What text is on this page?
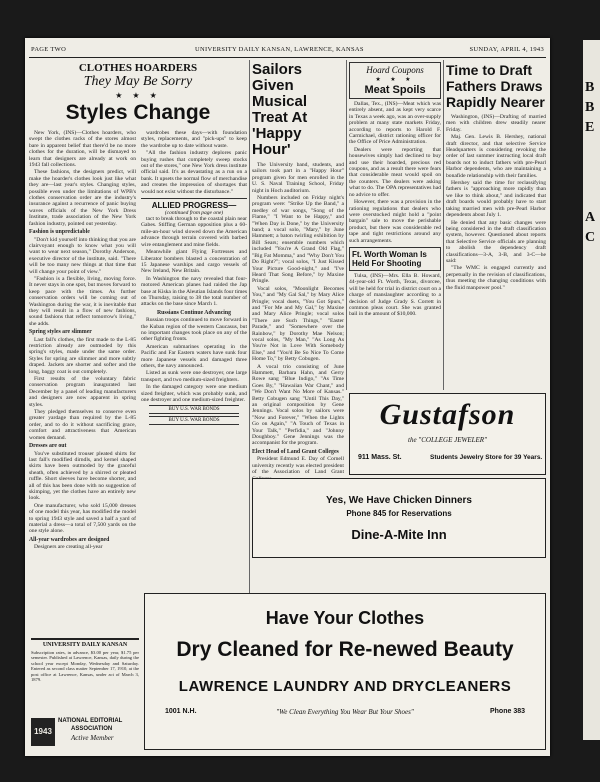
B
B
E
A
C
PAGE TWO	UNIVERSITY DAILY KANSAN, LAWRENCE, KANSAS	SUNDAY, APRIL 4, 1943
CLOTHES HOARDERS
They May Be Sorry
★ ★ ★
Styles Change

New York, (INS)—Clothes hoarders, who swept the clothes racks of the stores almost bare in apparent belief that there'd be no more clothes for the duration, will be dismayed to learn that designers are already at work on 1943 fall collections.

These fashions, the designers predict, will make the hoarder's clothes look just like what they are—last year's styles. Changing styles, possible even under the limitations of WPB's clothes conservation order are the industry's insurance against a recurrence of panic buying waves officials of the New York Dress Institute, trade association of the New York fashion industry, pointed out yesterday.

Fashion is unpredictable

"Don't kid yourself into thinking that you are clairvoyant enough to know what you will want to wear next season," Dorothy Anderson, executive director of the institute, said. "There will be too many new things at that time that will change your point of view."

"Fashion is a flexible, living, moving force. It never stays in one spot, but moves forward to keep pace with the times. As further conservation orders will be coming out of Washington during the war, it is inevitable that they will result in a flow of new fashions, sound fashions that reflect tomorrow's living," she adds.

Spring styles are slimmer

Last fall's clothes, the first made to the L-85 restriction already are outmoded by this spring's styles, made under the same order. Styles for spring are slimmer and more subtly draped. Jackets are shorter and softer and the long, baggy coat is out completely.

First results of the voluntary fabric conservation program inaugurated last December by a panel of leading manufacturers and designers are now apparent in spring styles.

They pledged themselves to conserve even greater yardage than required by the L-85 order, and to do it without sacrificing grace, comfort and attractiveness that American women demand.

Dresses are out

You've substituted trouser pleated shirts for last fall's modified dirndls, and kernel shaped skirts have been outmoded by the graceful sheath, often achieved by a shirred or pleated ruffle. Short sleeves have become shorter, and all of this has been done with no suggestion of skimping, yet the clothes have an entirely new look.

One manufacturer, who sold 15,000 dresses of one model this year, has modified the model to spring 1943 style and saved a half a yard of material a dress—a total of 7,500 yards on the one style alone.

All-year wardrobes are designed

Designers are creating all-year

wardrobes these days—with foundation styles, replacements, and "pick-ups" to keep the wardrobe up to date without waste.

"All the fashion industry deplores panic buying rushes that completely sweep stocks out of the stores," one New York dress institute official said. It's as devastating as a run on a bank. It upsets the normal flow of merchandise and creates the impression of shortages that would not exist without the disturbance."

ALLIED PROGRESS—
(continued from page one)

tact to break through to the coastal plain near Gabes. Stiffing German opposition plus a 60-mile-an-hour wind slowed down the American advance through terrain covered with barbed wire entanglement and mine fields.

Meanwhile giant Flying Fortresses and Liberator bombers blasted a concentration of 15 Japanese warships and cargo vessels of New Ireland, New Britain.

In Washington the navy revealed that four-motored American planes had raided the Jap base at Kiska in the Aleutian Islands four times on Thursday, raising to 38 the total number of attacks on the base since March 1.

Russians Continue Advancing

Russian troops continued to move forward in the Kuban region of the western Caucasus, but no important changes took place on any of the other fighting fronts.

American submarines operating in the Pacific and Far Eastern waters have sunk four more Japanese vessels and damaged three others, the navy announced.

Listed as sunk were one destroyer, one large transport, and two medium-sized freighters.

In the damaged category were one medium sized freighter, which was probably sunk, and one destroyer and one medium-sized freighter.

BUY U.S. WAR BONDS
BUY U.S. WAR BONDS
UNIVERSITY DAILY KANSAN
Subscription rates, in advance, $3.00 per year, $1.75 per semester. Published at Lawrence, Kansas, daily during the school year except Monday, Wednesday and Saturday. Entered as second class matter September 17, 1910, at the post office at Lawrence, Kansas, under act of March 3, 1879.
1943
NATIONAL EDITORIAL
ASSOCIATION
Active Member
Sailors Given Musical Treat At 'Happy Hour'

The University band, students, and sailors took part in a "Happy Hour" program given for men enrolled in the U. S. Naval Training School, Friday night in Hoch auditorium.

Numbers included on Friday night's program were: "Strike Up the Band," a medley of war songs, "Song of the Flame," "I Want to be Happy," and "When Day is Done," by the University band; a vocal solo, "Mary," by June Hammett; a baton twirling exhibition by Bill Sears; ensemble numbers which included "You're A Grand Old Flag," "Big Fat Momma," and "Why Don't You Do Right?"; vocal solos, "I Just Kissed Your Picture Good-night," and "I've Heard That Song Before," by Maxine Pringle.

Vocal solos, "Moonlight Becomes You," and "My Gal Sal," by Mary Alice Pringle; vocal duets, "You Got Spurs," and "For Me and My Gal," by Maxine and Mary Alice Pringle; vocal solos "There are Such Things," "Easter Parade," and "Somewhere over the Rainbow," by Dorothy Mae Nelson; vocal solos, "My Man," "As Long As You're Not in Love With Somebody Else," and "You'd Be So Nice To Come Home To," by Betty Cobugen.

A vocal trio consisting of June Hammett, Barbara Hahn, and Gerry Rowe sang "Blue Indigo," "As Time Goes By," "Hawaiian War Chant," and "We Don't Want No More of Kansas." Betty Cobugen sang "Until This Day," an original composition by Gene Jennings. Vocal solos by sailors were "Now and Forever," "When the Lights Go on Again," "A Touch of Texas in Your Talk," "Perfidia," and "Johnny Doughboy." Gene Jennings was the accompanist for the program.

Elect Head of Land Grant Colleges

President Edmund E. Day of Cornell university recently was elected president of the Association of Land Grant

Hoard Coupons
★ ★ ★
Meat Spoils

Dallas, Tex., (INS)—Meat which was entirely absent, and as kept very scarce in Texas a week ago, was an over-supply problem at many state markets Friday, according to reports to Harold F. Carmichael, district rationing officer for the Office of Price Administration.

Dealers were reporting that housewives simply had declined to buy and use their hoarded, precious red coupons, and as a result there were fears that considerable meat would spoil on the counters. The dealers were asking what to do. The OPA representatives had no advice to offer.

However, there was a provision in the rationing regulations that dealers who were overstocked might hold a "point bargain" sale to move the perishable product, but there was considerable red tape and tight restrictions around any such arrangements.

Ft. Worth Woman Is Held For Shooting

Tulsa, (INS)—Mrs. Ella B. Howard, 44-year-old Ft. Worth, Texas, divorcee, will be held for trial in district court on a charge of manslaughter according to a decision of Judge Grady S. Corrett in common pleas court. She was granted bail in the amount of $10,000.

Time to Draft Fathers Draws Rapidly Nearer

Washington, (INS)—Drafting of married men with children drew steadily nearer Friday.

Maj. Gen. Lewis B. Hershey, national draft director, and that selective Service Headquarters is considering revoking the order of last summer instructing local draft boards not to induct fathers with pre-Pearl Harbor dependents, who are maintaining a bonafide relationship with their families.

Hershey said the time for reclassifying fathers is "approaching more rapidly than we like to think about," and indicated that draft boards would probably have to start taking married men with pre-Pearl Harbor dependents about July 1.

He denied that any basic changes were being considered in the draft classification system, however. Questioned about reports that Selective Service officials are planning to abolish the dependency draft classifications—3-A, 3-B, and 3-C—he said:

"The WMC is engaged currently and perpetually in the revision of classifications, thus meeting the changing conditions with the fluid manpower pool."

Gustafson
the "COLLEGE JEWELER"
911 Mass. St.	Students Jewelry Store for 39 Years.
Yes, We Have Chicken Dinners
Phone 845 for Reservations
Dine-A-Mite Inn
Have Your Clothes
Dry Cleaned for Re-newed Beauty
LAWRENCE LAUNDRY AND DRYCLEANERS
1001 N.H.	"We Clean Everything You Wear But Your Shoes"	Phone 383
